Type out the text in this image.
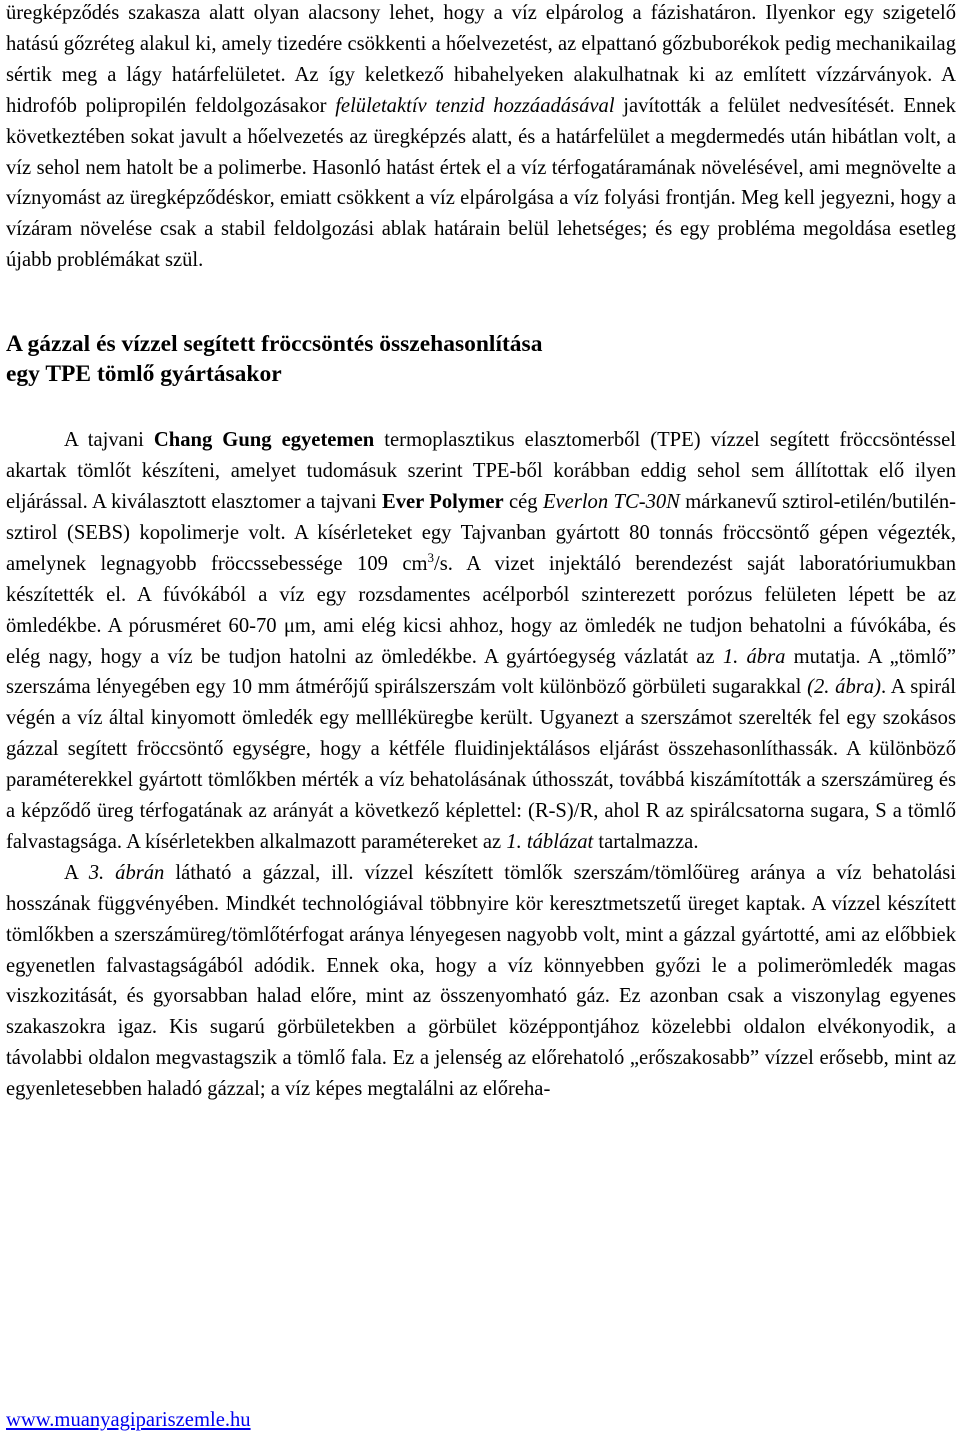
üregképződés szakasza alatt olyan alacsony lehet, hogy a víz elpárolog a fázishatáron. Ilyenkor egy szigetelő hatású gőzréteg alakul ki, amely tizedére csökkenti a hőelvezetést, az elpattanó gőzbuborékok pedig mechanikailag sértik meg a lágy határfelületet. Az így keletkező hibahelyeken alakulhatnak ki az említett vízzárványok. A hidrofób polipropilén feldolgozásakor felületaktív tenzid hozzáadásával javították a felület nedvesítését. Ennek következtében sokat javult a hőelvezetés az üregképzés alatt, és a határfelület a megdermedés után hibátlan volt, a víz sehol nem hatolt be a polimerbe. Hasonló hatást értek el a víz térfogatáramának növelésével, ami megnövelte a víznyomást az üregképződéskor, emiatt csökkent a víz elpárolgása a víz folyási frontján. Meg kell jegyezni, hogy a vízáram növelése csak a stabil feldolgozási ablak határain belül lehetséges; és egy probléma megoldása esetleg újabb problémákat szül.

A gázzal és vízzel segített fröccsöntés összehasonlítása
egy TPE tömlő gyártásakor

A tajvani Chang Gung egyetemen termoplasztikus elasztomerből (TPE) vízzel segített fröccsöntéssel akartak tömlőt készíteni, amelyet tudomásuk szerint TPE-ből korábban eddig sehol sem állítottak elő ilyen eljárással. A kiválasztott elasztomer a tajvani Ever Polymer cég Everlon TC-30N márkanevű sztirol-etilén/butilén-sztirol (SEBS) kopolimerje volt. A kísérleteket egy Tajvanban gyártott 80 tonnás fröccsöntő gépen végezték, amelynek legnagyobb fröccssebessége 109 $cm^3/s$. A vizet injektáló berendezést saját laboratóriumukban készítették el. A fúvókából a víz egy rozsdamentes acélporból szinterezett porózus felületen lépett be az ömledékbe. A pórusméret 60-70 μm, ami elég kicsi ahhoz, hogy az ömledék ne tudjon behatolni a fúvókába, és elég nagy, hogy a víz be tudjon hatolni az ömledékbe. A gyártóegység vázlatát az 1. ábra mutatja. A „tömlő” szerszáma lényegében egy 10 mm átmérőjű spirálszerszám volt különböző görbületi sugarakkal (2. ábra). A spirál végén a víz által kinyomott ömledék egy mellléküregbe került. Ugyanezt a szerszámot szerelték fel egy szokásos gázzal segített fröccsöntő egységre, hogy a kétféle fluidinjektálásos eljárást összehasonlíthassák. A különböző paraméterekkel gyártott tömlőkben mérték a víz behatolásának úthosszát, továbbá kiszámították a szerszámüreg és a képződő üreg térfogatának az arányát a következő képlettel: (R-S)/R, ahol R az spirálcsatorna sugara, S a tömlő falvastagsága. A kísérletekben alkalmazott paramétereket az 1. táblázat tartalmazza.

A 3. ábrán látható a gázzal, ill. vízzel készített tömlők szerszám/tömlőüreg aránya a víz behatolási hosszának függvényében. Mindkét technológiával többnyire kör keresztmetszetű üreget kaptak. A vízzel készített tömlőkben a szerszámüreg/tömlőtérfogat aránya lényegesen nagyobb volt, mint a gázzal gyártotté, ami az előbbiek egyenetlen falvastagságából adódik. Ennek oka, hogy a víz könnyebben győzi le a polimerömledék magas viszkozitását, és gyorsabban halad előre, mint az összenyomható gáz. Ez azonban csak a viszonylag egyenes szakaszokra igaz. Kis sugarú görbületekben a görbület középpontjához közelebbi oldalon elvékonyodik, a távolabbi oldalon megvastagszik a tömlő fala. Ez a jelenség az előrehatoló „erőszakosabb” vízzel erősebb, mint az egyenletesebben haladó gázzal; a víz képes megtalálni az előreha-

www.muanyagipariszemle.hu
